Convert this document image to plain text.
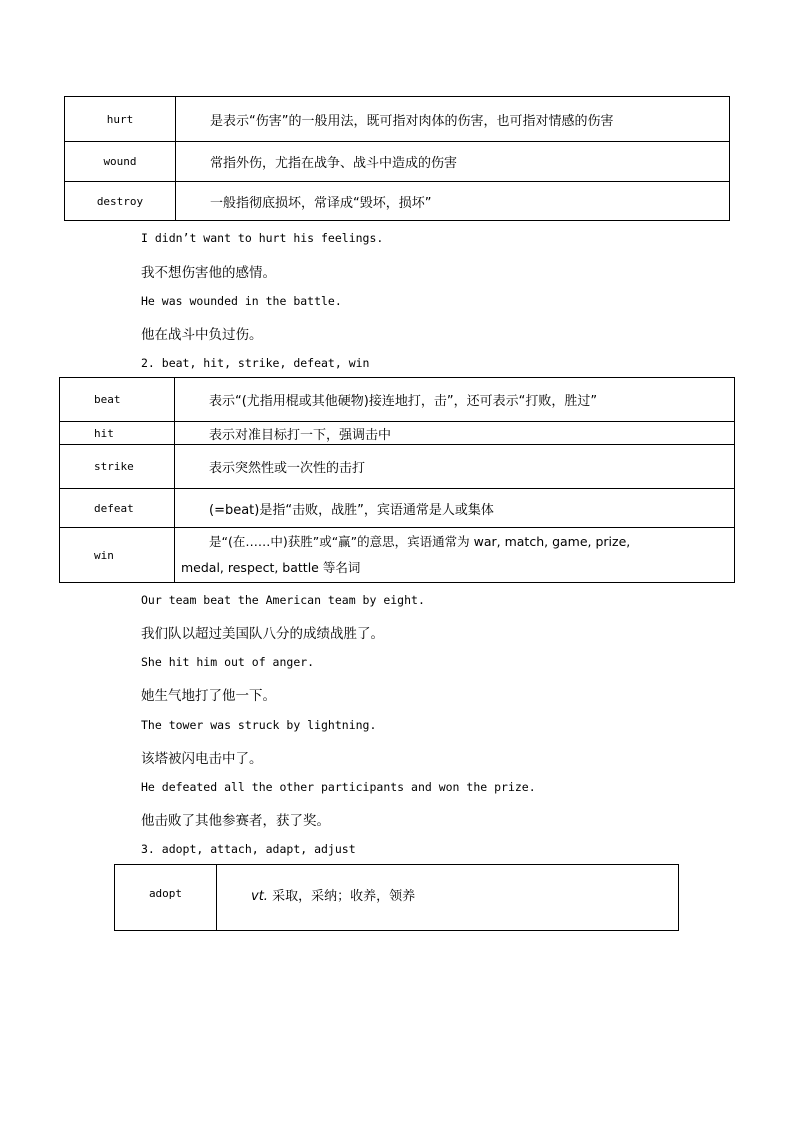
hurt	是表示“伤害”的一般用法，既可指对肉体的伤害，也可指对情感的伤害
wound	常指外伤，尤指在战争、战斗中造成的伤害
destroy	一般指彻底损坏，常译成“毁坏，损坏”
I didn’t want to hurt his feelings.
我不想伤害他的感情。
He was wounded in the battle.
他在战斗中负过伤。
2. beat, hit, strike, defeat, win
beat	表示“(尤指用棍或其他硬物)接连地打，击”，还可表示“打败，胜过”
hit	表示对准目标打一下，强调击中
strike	表示突然性或一次性的击打
defeat	(=beat)是指“击败，战胜”，宾语通常是人或集体
win	是“(在……中)获胜”或“赢”的意思，宾语通常为 war, match, game, prize,
medal, respect, battle 等名词
Our team beat the American team by eight.
我们队以超过美国队八分的成绩战胜了。
She hit him out of anger.
她生气地打了他一下。
The tower was struck by lightning.
该塔被闪电击中了。
He defeated all the other participants and won the prize.
他击败了其他参赛者，获了奖。
3. adopt, attach, adapt, adjust
adopt	vt. 采取，采纳；收养，领养
